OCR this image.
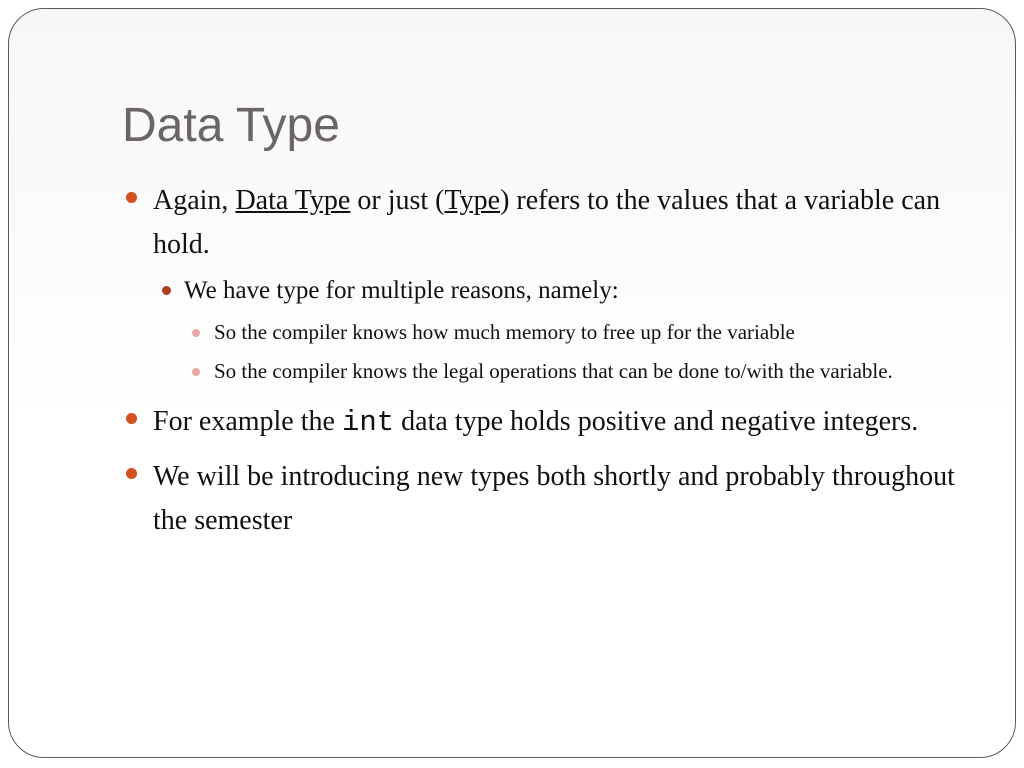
Data Type
Again, Data Type or just (Type) refers to the values that a variable can hold.
We have type for multiple reasons, namely:
So the compiler knows how much memory to free up for the variable
So the compiler knows the legal operations that can be done to/with the variable.
For example the int data type holds positive and negative integers.
We will be introducing new types both shortly and probably throughout the semester
